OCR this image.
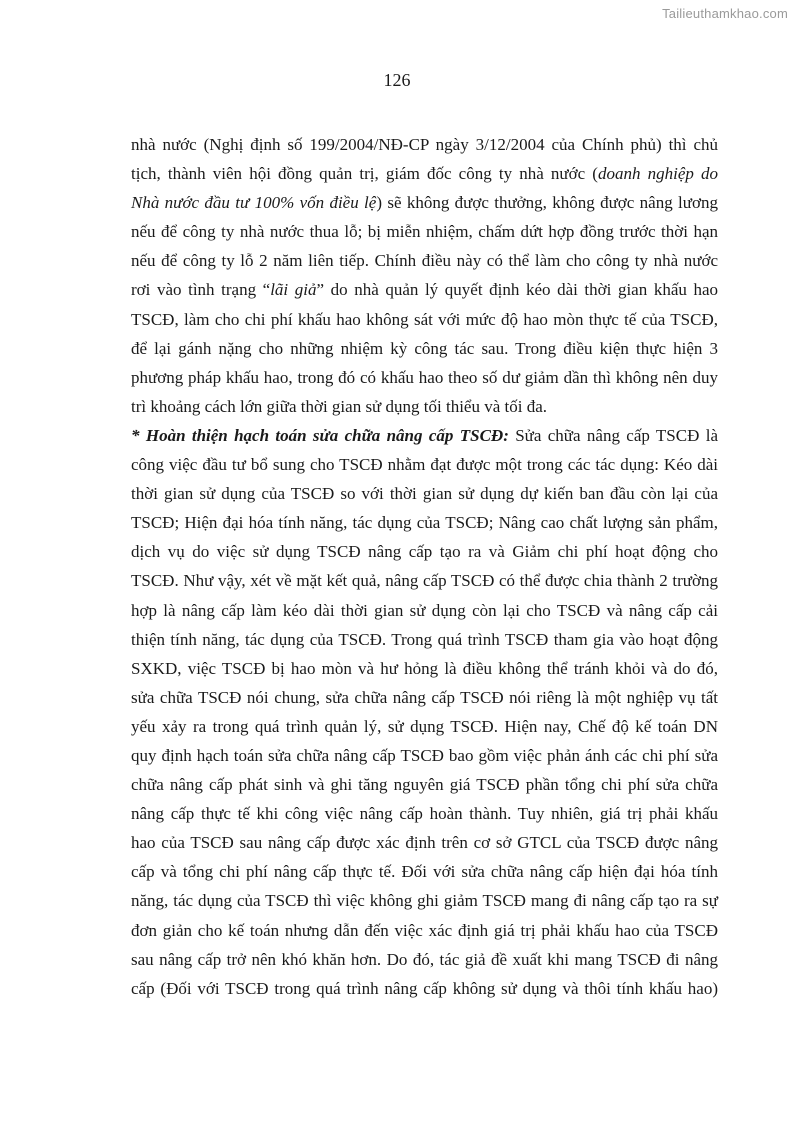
Tailieuthamkhao.com
126
nhà nước (Nghị định số 199/2004/NĐ-CP ngày 3/12/2004 của Chính phủ) thì chủ
tịch, thành viên hội đồng quản trị, giám đốc công ty nhà nước (doanh nghiệp do
Nhà nước đầu tư 100% vốn điều lệ) sẽ không được thưởng, không được nâng lương
nếu để công ty nhà nước thua lỗ; bị miễn nhiệm, chấm dứt hợp đồng trước thời hạn
nếu để công ty lỗ 2 năm liên tiếp. Chính điều này có thể làm cho công ty nhà nước
rơi vào tình trạng “lãi giả” do nhà quản lý quyết định kéo dài thời gian khấu hao
TSCĐ, làm cho chi phí khấu hao không sát với mức độ hao mòn thực tế của TSCĐ,
để lại gánh nặng cho những nhiệm kỳ công tác sau. Trong điều kiện thực hiện 3
phương pháp khấu hao, trong đó có khấu hao theo số dư giảm dần thì không nên duy
trì khoảng cách lớn giữa thời gian sử dụng tối thiểu và tối đa.
* Hoàn thiện hạch toán sửa chữa nâng cấp TSCĐ: Sửa chữa nâng cấp TSCĐ là
công việc đầu tư bổ sung cho TSCĐ nhằm đạt được một trong các tác dụng: Kéo dài
thời gian sử dụng của TSCĐ so với thời gian sử dụng dự kiến ban đầu còn lại của
TSCĐ; Hiện đại hóa tính năng, tác dụng của TSCĐ; Nâng cao chất lượng sản phẩm,
dịch vụ do việc sử dụng TSCĐ nâng cấp tạo ra và Giảm chi phí hoạt động cho
TSCĐ. Như vậy, xét về mặt kết quả, nâng cấp TSCĐ có thể được chia thành 2 trường
hợp là nâng cấp làm kéo dài thời gian sử dụng còn lại cho TSCĐ và nâng cấp cải
thiện tính năng, tác dụng của TSCĐ. Trong quá trình TSCĐ tham gia vào hoạt động
SXKD, việc TSCĐ bị hao mòn và hư hỏng là điều không thể tránh khỏi và do đó,
sửa chữa TSCĐ nói chung, sửa chữa nâng cấp TSCĐ nói riêng là một nghiệp vụ tất
yếu xảy ra trong quá trình quản lý, sử dụng TSCĐ. Hiện nay, Chế độ kế toán DN
quy định hạch toán sửa chữa nâng cấp TSCĐ bao gồm việc phản ánh các chi phí sửa
chữa nâng cấp phát sinh và ghi tăng nguyên giá TSCĐ phần tổng chi phí sửa chữa
nâng cấp thực tế khi công việc nâng cấp hoàn thành. Tuy nhiên, giá trị phải khấu
hao của TSCĐ sau nâng cấp được xác định trên cơ sở GTCL của TSCĐ được nâng
cấp và tổng chi phí nâng cấp thực tế. Đối với sửa chữa nâng cấp hiện đại hóa tính
năng, tác dụng của TSCĐ thì việc không ghi giảm TSCĐ mang đi nâng cấp tạo ra sự
đơn giản cho kế toán nhưng dẫn đến việc xác định giá trị phải khấu hao của TSCĐ
sau nâng cấp trở nên khó khăn hơn. Do đó, tác giả đề xuất khi mang TSCĐ đi nâng
cấp (Đối với TSCĐ trong quá trình nâng cấp không sử dụng và thôi tính khấu hao)
